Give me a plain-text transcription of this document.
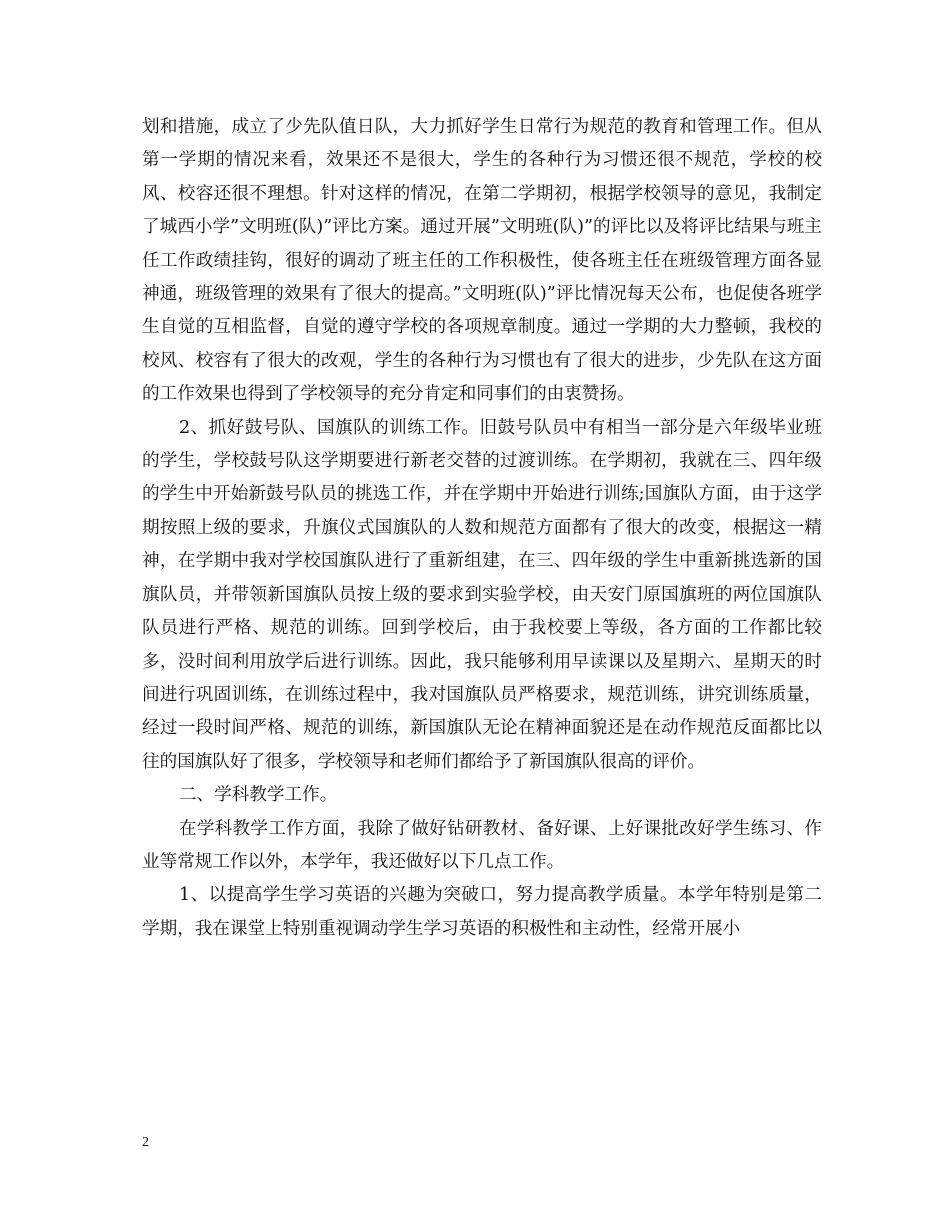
划和措施，成立了少先队值日队，大力抓好学生日常行为规范的教育和管理工作。但从第一学期的情况来看，效果还不是很大，学生的各种行为习惯还很不规范，学校的校风、校容还很不理想。针对这样的情况，在第二学期初，根据学校领导的意见，我制定了城西小学”文明班(队)”评比方案。通过开展”文明班(队)”的评比以及将评比结果与班主任工作政绩挂钩，很好的调动了班主任的工作积极性，使各班主任在班级管理方面各显神通，班级管理的效果有了很大的提高。”文明班(队)”评比情况每天公布，也促使各班学生自觉的互相监督，自觉的遵守学校的各项规章制度。通过一学期的大力整顿，我校的校风、校容有了很大的改观，学生的各种行为习惯也有了很大的进步，少先队在这方面的工作效果也得到了学校领导的充分肯定和同事们的由衷赞扬。

2、抓好鼓号队、国旗队的训练工作。旧鼓号队员中有相当一部分是六年级毕业班的学生，学校鼓号队这学期要进行新老交替的过渡训练。在学期初，我就在三、四年级的学生中开始新鼓号队员的挑选工作，并在学期中开始进行训练;国旗队方面，由于这学期按照上级的要求，升旗仪式国旗队的人数和规范方面都有了很大的改变，根据这一精神，在学期中我对学校国旗队进行了重新组建，在三、四年级的学生中重新挑选新的国旗队员，并带领新国旗队员按上级的要求到实验学校，由天安门原国旗班的两位国旗队队员进行严格、规范的训练。回到学校后，由于我校要上等级，各方面的工作都比较多，没时间利用放学后进行训练。因此，我只能够利用早读课以及星期六、星期天的时间进行巩固训练，在训练过程中，我对国旗队员严格要求，规范训练，讲究训练质量，经过一段时间严格、规范的训练，新国旗队无论在精神面貌还是在动作规范反面都比以往的国旗队好了很多，学校领导和老师们都给予了新国旗队很高的评价。

二、学科教学工作。

在学科教学工作方面，我除了做好钻研教材、备好课、上好课批改好学生练习、作业等常规工作以外，本学年，我还做好以下几点工作。

1、以提高学生学习英语的兴趣为突破口，努力提高教学质量。本学年特别是第二学期，我在课堂上特别重视调动学生学习英语的积极性和主动性，经常开展小

2
